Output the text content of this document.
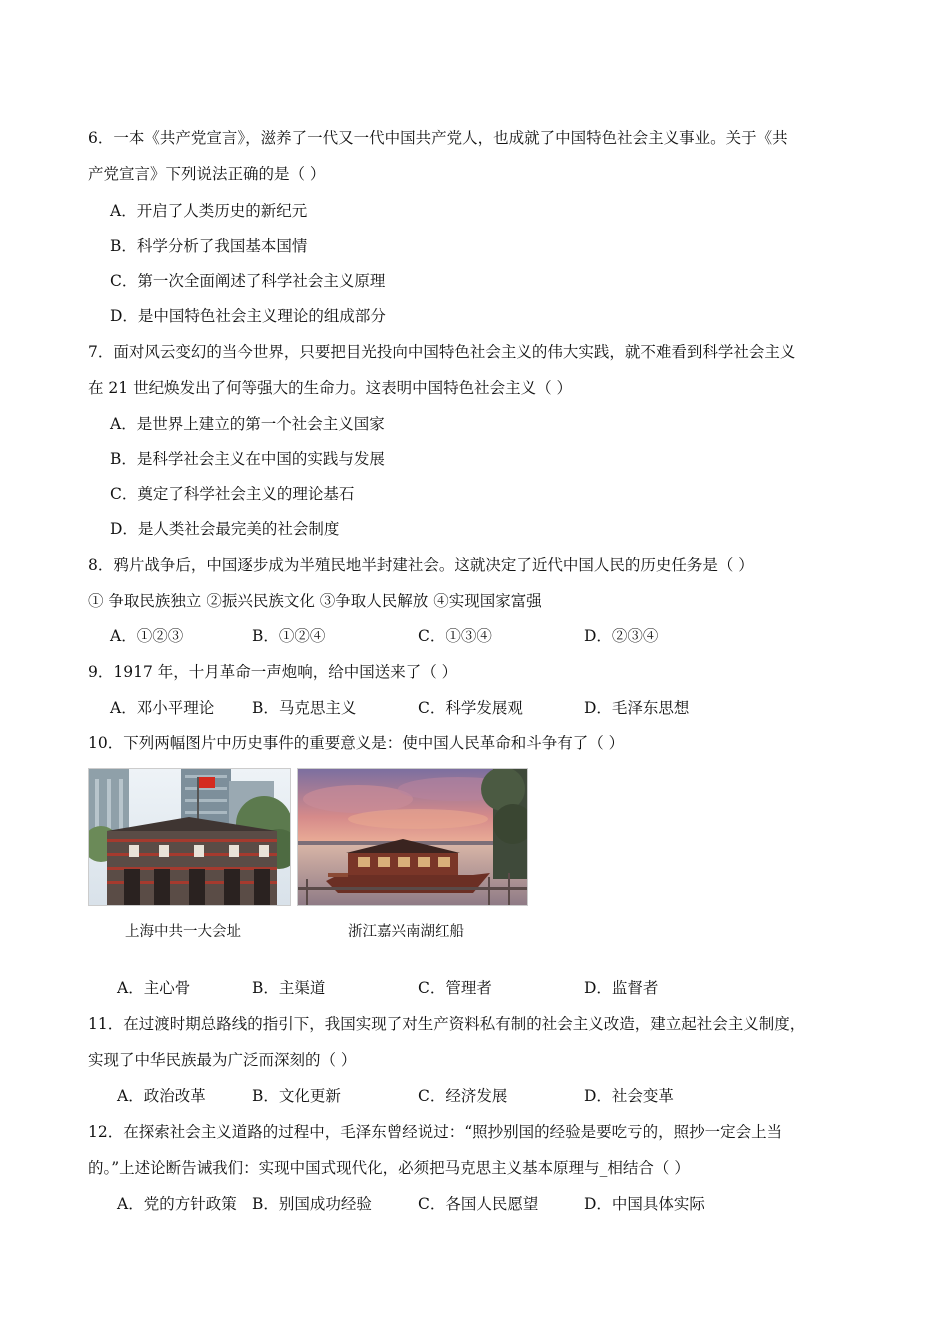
6．一本《共产党宣言》，滋养了一代又一代中国共产党人，也成就了中国特色社会主义事业。关于《共
产党宣言》下列说法正确的是（ ）
A．开启了人类历史的新纪元
B．科学分析了我国基本国情
C．第一次全面阐述了科学社会主义原理
D．是中国特色社会主义理论的组成部分
7．面对风云变幻的当今世界，只要把目光投向中国特色社会主义的伟大实践，就不难看到科学社会主义
在 21 世纪焕发出了何等强大的生命力。这表明中国特色社会主义（ ）
A．是世界上建立的第一个社会主义国家
B．是科学社会主义在中国的实践与发展
C．奠定了科学社会主义的理论基石
D．是人类社会最完美的社会制度
8．鸦片战争后，中国逐步成为半殖民地半封建社会。这就决定了近代中国人民的历史任务是（ ）
① 争取民族独立 ②振兴民族文化 ③争取人民解放 ④实现国家富强
A．①②③	B．①②④	C．①③④	D．②③④
9．1917 年，十月革命一声炮响，给中国送来了（ ）
A．邓小平理论 B．马克思主义	C．科学发展观	D．毛泽东思想
10．下列两幅图片中历史事件的重要意义是：使中国人民革命和斗争有了（ ）
上海中共一大会址	浙江嘉兴南湖红船
A．主心骨	B．主渠道	C．管理者	D．监督者
11．在过渡时期总路线的指引下，我国实现了对生产资料私有制的社会主义改造，建立起社会主义制度，
实现了中华民族最为广泛而深刻的（ ）
A．政治改革	B．文化更新	C．经济发展	D．社会变革
12．在探索社会主义道路的过程中，毛泽东曾经说过：“照抄别国的经验是要吃亏的，照抄一定会上当
的。”上述论断告诫我们：实现中国式现代化，必须把马克思主义基本原理与_相结合（ ）
A．党的方针政策 B．别国成功经验	C．各国人民愿望	D．中国具体实际
